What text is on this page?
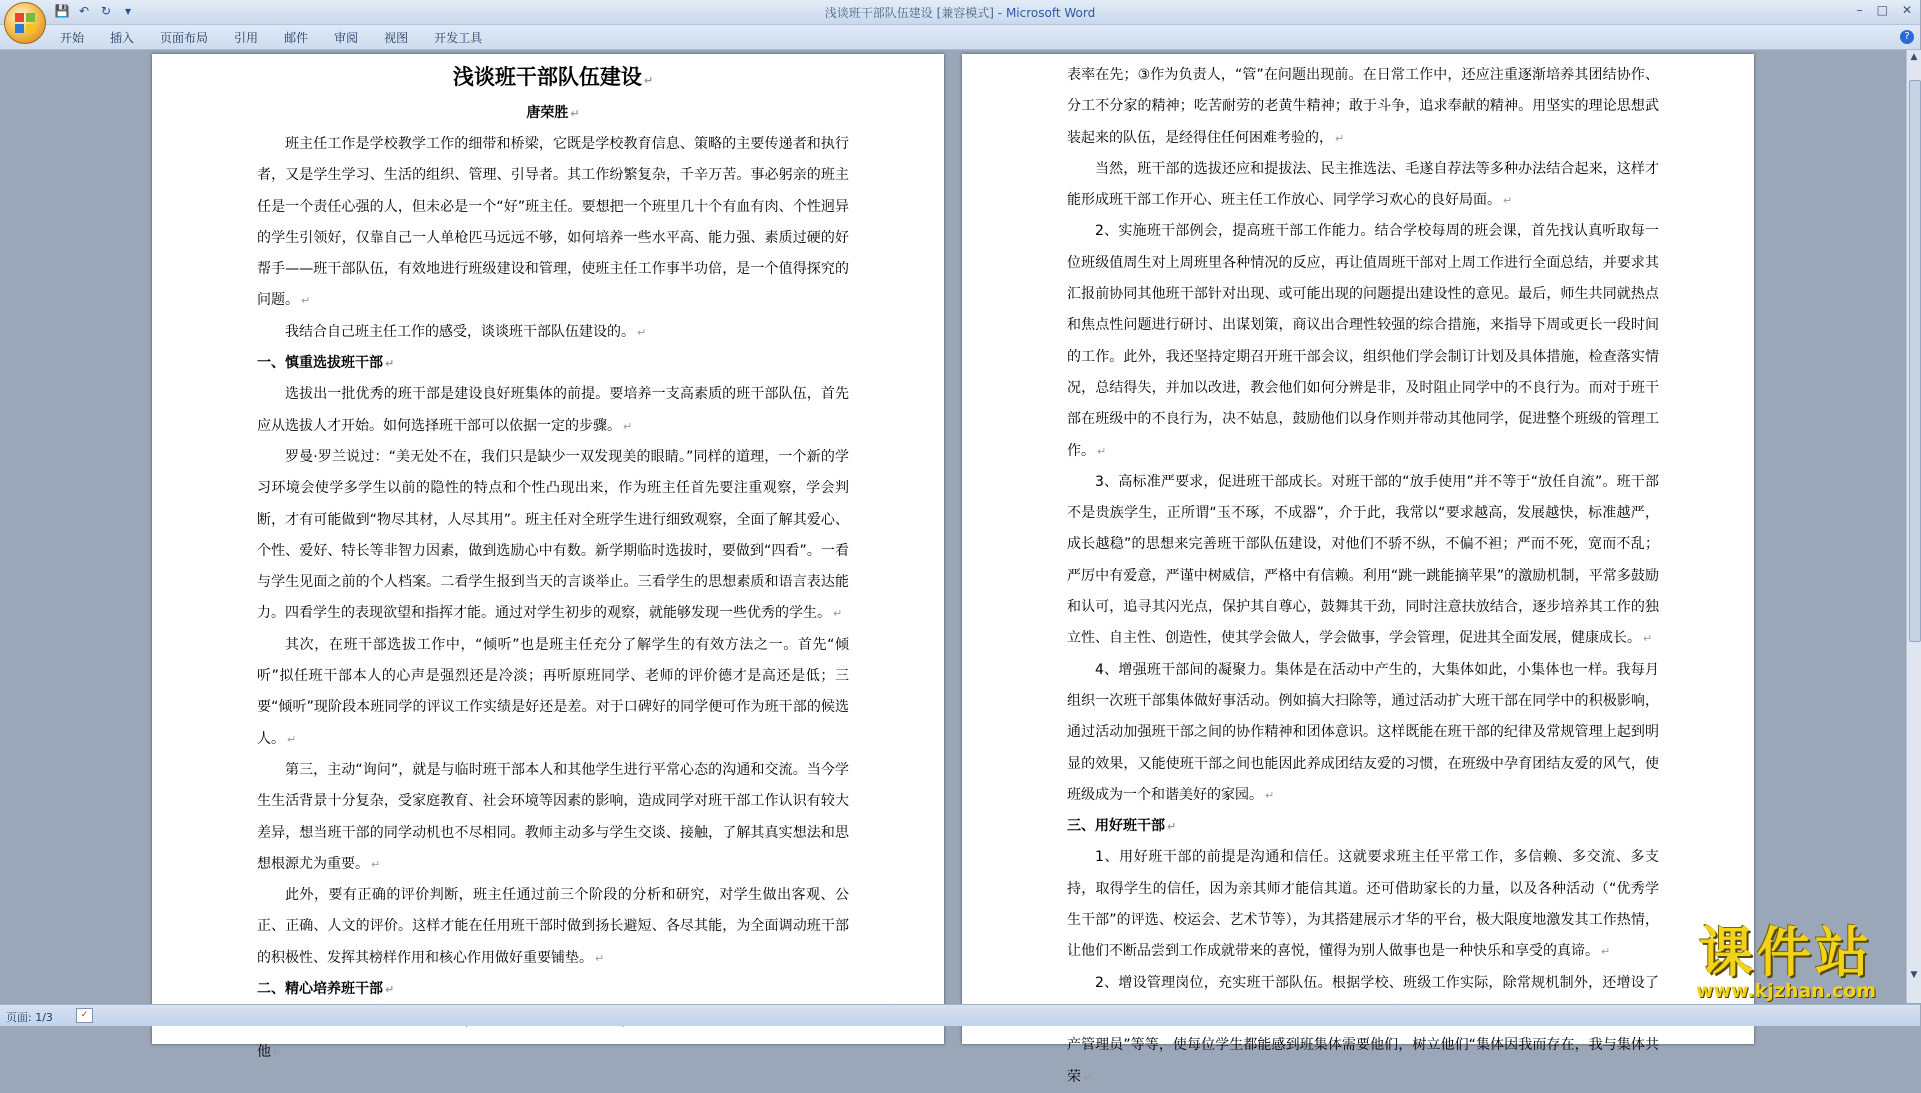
💾 ↶ ↻	▾	浅谈班干部队伍建设 [兼容模式] - Microsoft Word	– □ ✕
开始 插入 页面布局 引用 邮件 审阅 视图 开发工具	?

浅谈班干部队伍建设 ↵

唐荣胜 ↵

班主任工作是学校教学工作的细带和桥梁，它既是学校教育信息、策略的主要传递者和执行者，又是学生学习、生活的组织、管理、引导者。其工作纷繁复杂，千辛万苦。事必躬亲的班主任是一个责任心强的人，但未必是一个“好”班主任。要想把一个班里几十个有血有肉、个性迥异的学生引领好，仅靠自己一人单枪匹马远远不够，如何培养一些水平高、能力强、素质过硬的好帮手——班干部队伍，有效地进行班级建设和管理，使班主任工作事半功倍，是一个值得探究的问题。 ↵

我结合自己班主任工作的感受，谈谈班干部队伍建设的。 ↵

一、慎重选拔班干部 ↵

选拔出一批优秀的班干部是建设良好班集体的前提。要培养一支高素质的班干部队伍，首先应从选拔人才开始。如何选择班干部可以依据一定的步骤。 ↵

罗曼·罗兰说过：“美无处不在，我们只是缺少一双发现美的眼睛。”同样的道理，一个新的学习环境会使学多学生以前的隐性的特点和个性凸现出来，作为班主任首先要注重观察，学会判断，才有可能做到“物尽其材，人尽其用”。班主任对全班学生进行细致观察，全面了解其爱心、个性、爱好、特长等非智力因素，做到选励心中有数。新学期临时选拔时，要做到“四看”。一看与学生见面之前的个人档案。二看学生报到当天的言谈举止。三看学生的思想素质和语言表达能力。四看学生的表现欲望和指挥才能。通过对学生初步的观察，就能够发现一些优秀的学生。 ↵

其次，在班干部选拔工作中，“倾听”也是班主任充分了解学生的有效方法之一。首先“倾听”拟任班干部本人的心声是强烈还是冷淡；再听原班同学、老师的评价德才是高还是低；三要“倾听”现阶段本班同学的评议工作实绩是好还是差。对于口碑好的同学便可作为班干部的候选人。 ↵

第三，主动“询问”，就是与临时班干部本人和其他学生进行平常心态的沟通和交流。当今学生生活背景十分复杂，受家庭教育、社会环境等因素的影响，造成同学对班干部工作认识有较大差异，想当班干部的同学动机也不尽相同。教师主动多与学生交谈、接触，了解其真实想法和思想根源尤为重要。 ↵

此外，要有正确的评价判断，班主任通过前三个阶段的分析和研究，对学生做出客观、公正、正确、人文的评价。这样才能在任用班干部时做到扬长避短、各尽其能，为全面调动班干部的积极性、发挥其榜样作用和核心作用做好重要铺垫。 ↵

二、精心培养班干部 ↵

他 ↵

表率在先；③作为负责人，“管”在问题出现前。在日常工作中，还应注重逐渐培养其团结协作、分工不分家的精神；吃苦耐劳的老黄牛精神；敢于斗争，追求奉献的精神。用坚实的理论思想武装起来的队伍，是经得住任何困难考验的， ↵

当然，班干部的选拔还应和提拔法、民主推选法、毛遂自荐法等多种办法结合起来，这样才能形成班干部工作开心、班主任工作放心、同学学习欢心的良好局面。 ↵

2、实施班干部例会，提高班干部工作能力。结合学校每周的班会课，首先找认真听取每一位班级值周生对上周班里各种情况的反应，再让值周班干部对上周工作进行全面总结，并要求其汇报前协同其他班干部针对出现、或可能出现的问题提出建设性的意见。最后，师生共同就热点和焦点性问题进行研讨、出谋划策，商议出合理性较强的综合措施，来指导下周或更长一段时间的工作。此外，我还坚持定期召开班干部会议，组织他们学会制订计划及具体措施，检查落实情况，总结得失，并加以改进，教会他们如何分辨是非，及时阻止同学中的不良行为。而对于班干部在班级中的不良行为，决不姑息，鼓励他们以身作则并带动其他同学，促进整个班级的管理工作。 ↵

3、高标准严要求，促进班干部成长。对班干部的“放手使用”并不等于“放任自流”。班干部不是贵族学生，正所谓“玉不琢，不成器”，介于此，我常以“要求越高，发展越快，标准越严，成长越稳”的思想来完善班干部队伍建设，对他们不骄不纵，不偏不袒；严而不死，宽而不乱；严厉中有爱意，严谨中树威信，严格中有信赖。利用“跳一跳能摘苹果”的激励机制，平常多鼓励和认可，追寻其闪光点，保护其自尊心，鼓舞其干劲，同时注意扶放结合，逐步培养其工作的独立性、自主性、创造性，使其学会做人，学会做事，学会管理，促进其全面发展，健康成长。 ↵

4、增强班干部间的凝聚力。集体是在活动中产生的，大集体如此，小集体也一样。我每月组织一次班干部集体做好事活动。例如搞大扫除等，通过活动扩大班干部在同学中的积极影响，通过活动加强班干部之间的协作精神和团体意识。这样既能在班干部的纪律及常规管理上起到明显的效果，又能使班干部之间也能因此养成团结友爱的习惯，在班级中孕育团结友爱的风气，使班级成为一个和谐美好的家园。 ↵

三、用好班干部 ↵

1、用好班干部的前提是沟通和信任。这就要求班主任平常工作，多信赖、多交流、多支持，取得学生的信任，因为亲其师才能信其道。还可借助家长的力量，以及各种活动（“优秀学生干部”的评选、校运会、艺术节等），为其搭建展示才华的平台，极大限度地激发其工作热情，让他们不断品尝到工作成就带来的喜悦，懂得为别人做事也是一种快乐和享受的真谛。 ↵

2、增设管理岗位，充实班干部队伍。根据学校、班级工作实际，除常规机制外，还增设了 产管理员”等等，使每位学生都能感到班集体需要他们，树立他们“集体因我而存在，我与集体共荣 ↵

▲
▼
页面: 1/3	✓
课件站
www.kjzhan.com
